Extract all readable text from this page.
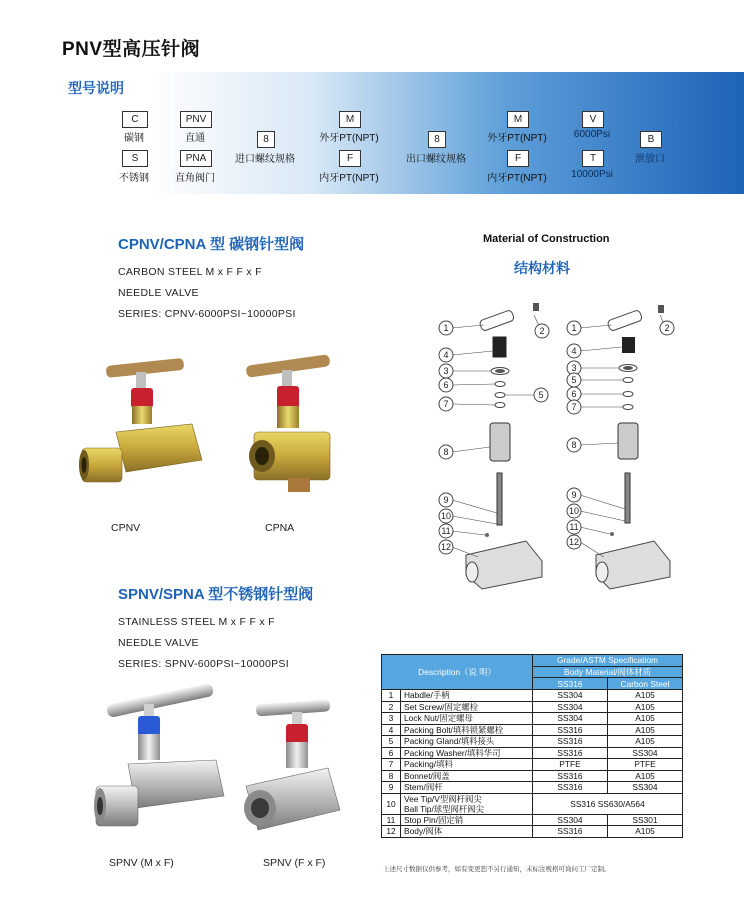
PNV型高压针阀
型号说明
C
碳钢
S
不锈钢
PNV
直通
PNA
直角阀门
8
进口螺纹规格
M
外牙PT(NPT)
F
内牙PT(NPT)
8
出口螺纹规格
M
外牙PT(NPT)
F
内牙PT(NPT)
V
6000Psi
T
10000Psi
B
泄放口
CPNV/CPNA 型 碳钢针型阀
CARBON STEEL M x F F x F
NEEDLE VALVE
SERIES: CPNV-6000PSI~10000PSI
CPNV	CPNA
SPNV/SPNA 型不锈钢针型阀
STAINLESS STEEL M x F F x F
NEEDLE VALVE
SERIES: SPNV-600PSI~10000PSI
SPNV (M x F)	SPNV (F x F)
Material of Construction
结构材料
1	2
4
3
6
7
5
8
9
10
11
12
1	2
4
3
5
6
7
8
9
10
11
12
Description（说 明）		Grade/ASTM Specificatiom	
		Body Material/阀体材质	
		SS316	Carbon Steel
1	Habdle/手柄	SS304	A105
2	Set Screw/固定螺栓	SS304	A105
3	Lock Nut/固定螺母	SS304	A105
4	Packing Bolt/填料锁紧螺栓	SS316	A105
5	Packing Gland/填料接头	SS316	A105
6	Packing Washer/填料华司	SS316	SS304
7	Packing/填料	PTFE	PTFE
8	Bonnet/阀盖	SS316	A105
9	Stem/阀杆	SS316	SS304
10	Vee Tip/V型阀杆阀尖
Ball Tip/球型阀杆阀尖	SS316 SS630/A564	
11	Stop Pin/固定销	SS304	SS301
12	Body/阀体	SS316	A105
上述尺寸数据仅供参考，如有变更恕不另行通知，未标注规格可询问工厂定制。
